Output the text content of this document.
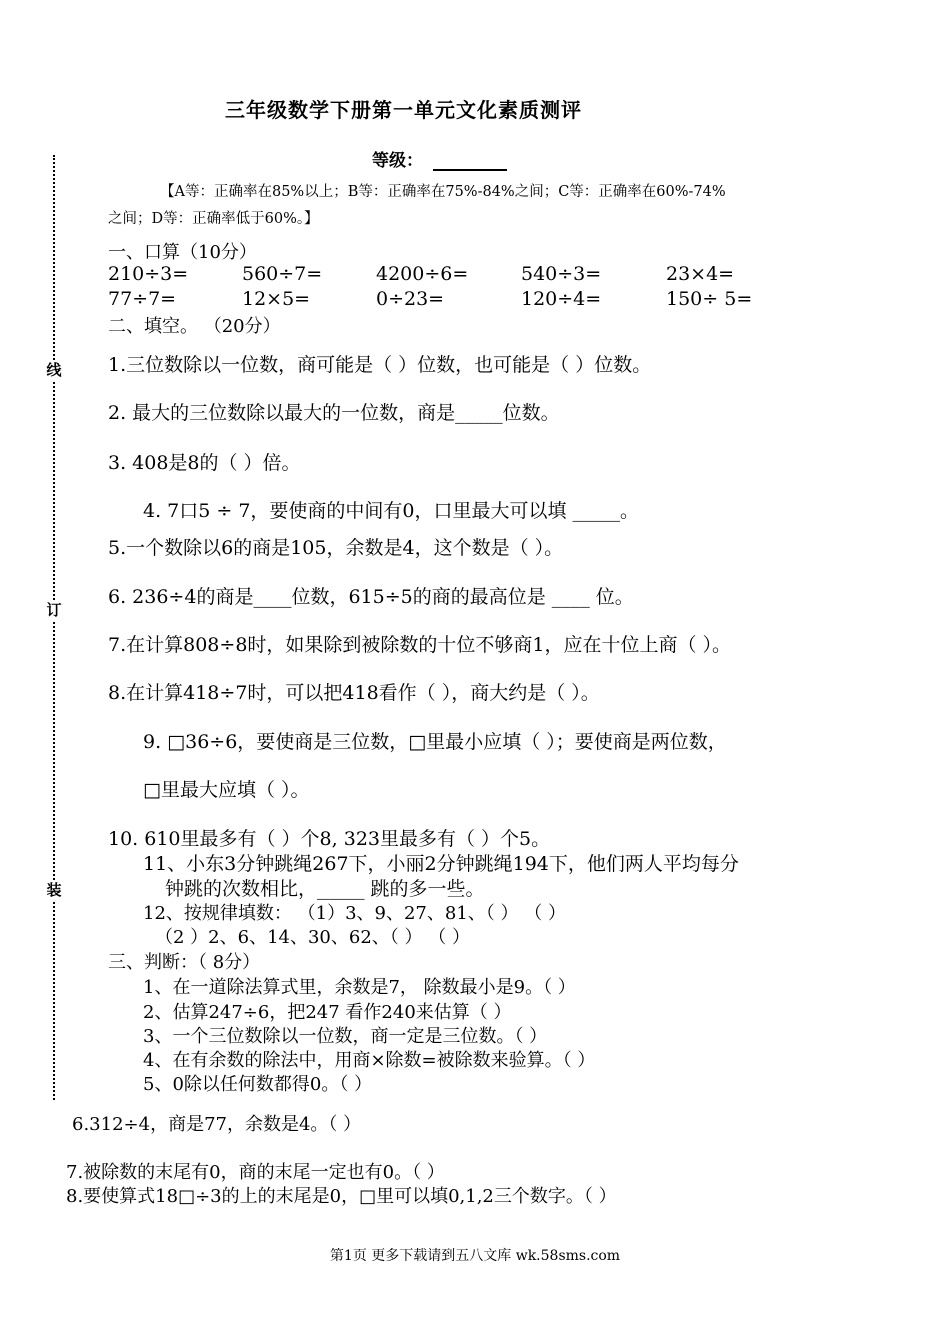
线
订
装
三年级数学下册第一单元文化素质测评
等级：
【A等：正确率在85%以上；B等：正确率在75%-84%之间；C等：正确率在60%-74%
之间；D等：正确率低于60%。】
一、口算（10分）
210÷3=	560÷7=	4200÷6=	540÷3=	23×4=
77÷7=	12×5=	0÷23=	120÷4=	150÷ 5=
二、填空。 （20分）
1.三位数除以一位数，商可能是（ ）位数，也可能是（ ）位数。
2. 最大的三位数除以最大的一位数，商是_____位数。
3. 408是8的（ ）倍。
4. 7口5 ÷ 7，要使商的中间有0，口里最大可以填 _____。
5.一个数除以6的商是105，余数是4，这个数是（ ）。
6. 236÷4的商是____位数，615÷5的商的最高位是 ____ 位。
7.在计算808÷8时，如果除到被除数的十位不够商1，应在十位上商（ ）。
8.在计算418÷7时，可以把418看作（ ），商大约是（ ）。
9. □36÷6，要使商是三位数，□里最小应填（ ）；要使商是两位数，
□里最大应填（ ）。
10. 610里最多有（ ）个8, 323里最多有（ ）个5。
11、小东3分钟跳绳267下，小丽2分钟跳绳194下，他们两人平均每分
钟跳的次数相比，_____ 跳的多一些。
12、按规律填数： （1）3、9、27、81、（ ） （ ）
（2 ）2、6、14、30、62、（ ） （ ）
三、判断：（ 8分）
1、在一道除法算式里，余数是7， 除数最小是9。（ ）
2、估算247÷6，把247 看作240来估算（ ）
3、一个三位数除以一位数，商一定是三位数。（ ）
4、在有余数的除法中，用商×除数=被除数来验算。（ ）
5、0除以任何数都得0。（ ）
6.312÷4，商是77，余数是4。（ ）
7.被除数的末尾有0，商的末尾一定也有0。（ ）
8.要使算式18□÷3的上的末尾是0，□里可以填0,1,2三个数字。（ ）
第1页 更多下载请到五八文库 wk.58sms.com
